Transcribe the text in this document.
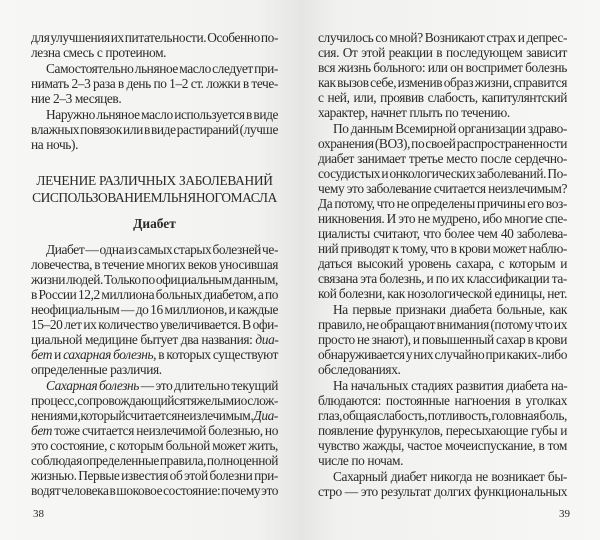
для улучшения их питательности. Особенно по-
лезна смесь с протеином.
Самостоятельно льняное масло следует при-
нимать 2–3 раза в день по 1–2 ст. ложки в тече-
ние 2–3 месяцев.
Наружно льняное масло используется в виде
влажных повязок или в виде растираний (лучше
на ночь).
ЛЕЧЕНИЕ РАЗЛИЧНЫХ ЗАБОЛЕВАНИЙ
С ИСПОЛЬЗОВАНИЕМ ЛЬНЯНОГО МАСЛА
Диабет
Диабет — одна из самых старых болезней че-
ловечества, в течение многих веков уносившая
жизни людей. Только по официальным данным,
в России 12,2 миллиона больных диабетом, а по
неофициальным — до 16 миллионов, и каждые
15–20 лет их количество увеличивается. В офи-
циальной медицине бытует два названия: диа-
бет и сахарная болезнь, в которых существуют
определенные различия.
Сахарная болезнь — это длительно текущий
процесс, сопровождающийся тяжелыми ослож-
нениями, который считается неизлечимым. Диа-
бет тоже считается неизлечимой болезнью, но
это состояние, с которым больной может жить,
соблюдая определенные правила, полноценной
жизнью. Первые известия об этой болезни при-
водят человека в шоковое состояние: почему это
38
случилось со мной? Возникают страх и депрес-
сия. От этой реакции в последующем зависит
вся жизнь больного: или он воспримет болезнь
как вызов себе, изменив образ жизни, справится
с ней, или, проявив слабость, капитулянтский
характер, начнет плыть по течению.
По данным Всемирной организации здраво-
охранения (ВОЗ), по своей распространенности
диабет занимает третье место после сердечно-
сосудистых и онкологических заболеваний. По-
чему это заболевание считается неизлечимым?
Да потому, что не определены причины его воз-
никновения. И это не мудрено, ибо многие спе-
циалисты считают, что более чем 40 заболева-
ний приводят к тому, что в крови может наблю-
даться высокий уровень сахара, с которым и
связана эта болезнь, и по их классификации та-
кой болезни, как нозологической единицы, нет.
На первые признаки диабета больные, как
правило, не обращают внимания (потому что их
просто не знают), и повышенный сахар в крови
обнаруживается у них случайно при каких-либо
обследованиях.
На начальных стадиях развития диабета на-
блюдаются: постоянные нагноения в уголках
глаз, общая слабость, потливость, головная боль,
появление фурункулов, пересыхающие губы и
чувство жажды, частое мочеиспускание, в том
числе по ночам.
Сахарный диабет никогда не возникает бы-
стро — это результат долгих функциональных
39
